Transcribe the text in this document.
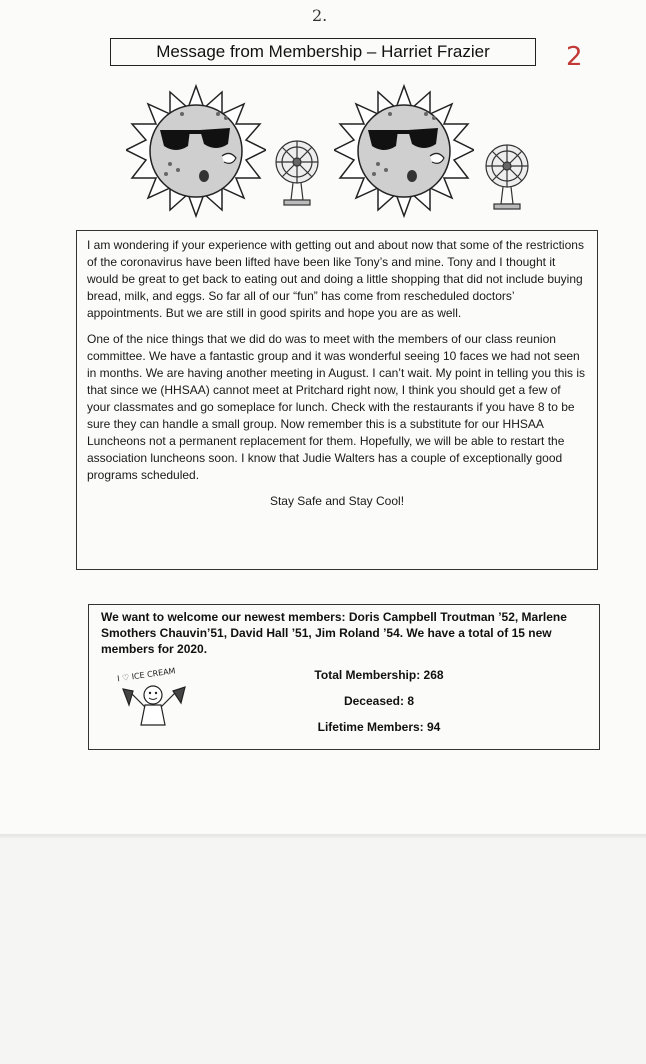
2.
Message from Membership – Harriet Frazier	2

I am wondering if your experience with getting out and about now that some of the restrictions of the coronavirus have been lifted have been like Tony’s and mine. Tony and I thought it would be great to get back to eating out and doing a little shopping that did not include buying bread, milk, and eggs. So far all of our “fun” has come from rescheduled doctors’ appointments. But we are still in good spirits and hope you are as well.

One of the nice things that we did do was to meet with the members of our class reunion committee. We have a fantastic group and it was wonderful seeing 10 faces we had not seen in months. We are having another meeting in August. I can’t wait. My point in telling you this is that since we (HHSAA) cannot meet at Pritchard right now, I think you should get a few of your classmates and go someplace for lunch. Check with the restaurants if you have 8 to be sure they can handle a small group. Now remember this is a substitute for our HHSAA Luncheons not a permanent replacement for them. Hopefully, we will be able to restart the association luncheons soon. I know that Judie Walters has a couple of exceptionally good programs scheduled.

Stay Safe and Stay Cool!
We want to welcome our newest members: Doris Campbell Troutman ’52, Marlene Smothers Chauvin’51, David Hall ’51, Jim Roland ’54. We have a total of 15 new members for 2020.
I ♡ ICE CREAM	Total Membership: 268
Deceased: 8
Lifetime Members: 94
